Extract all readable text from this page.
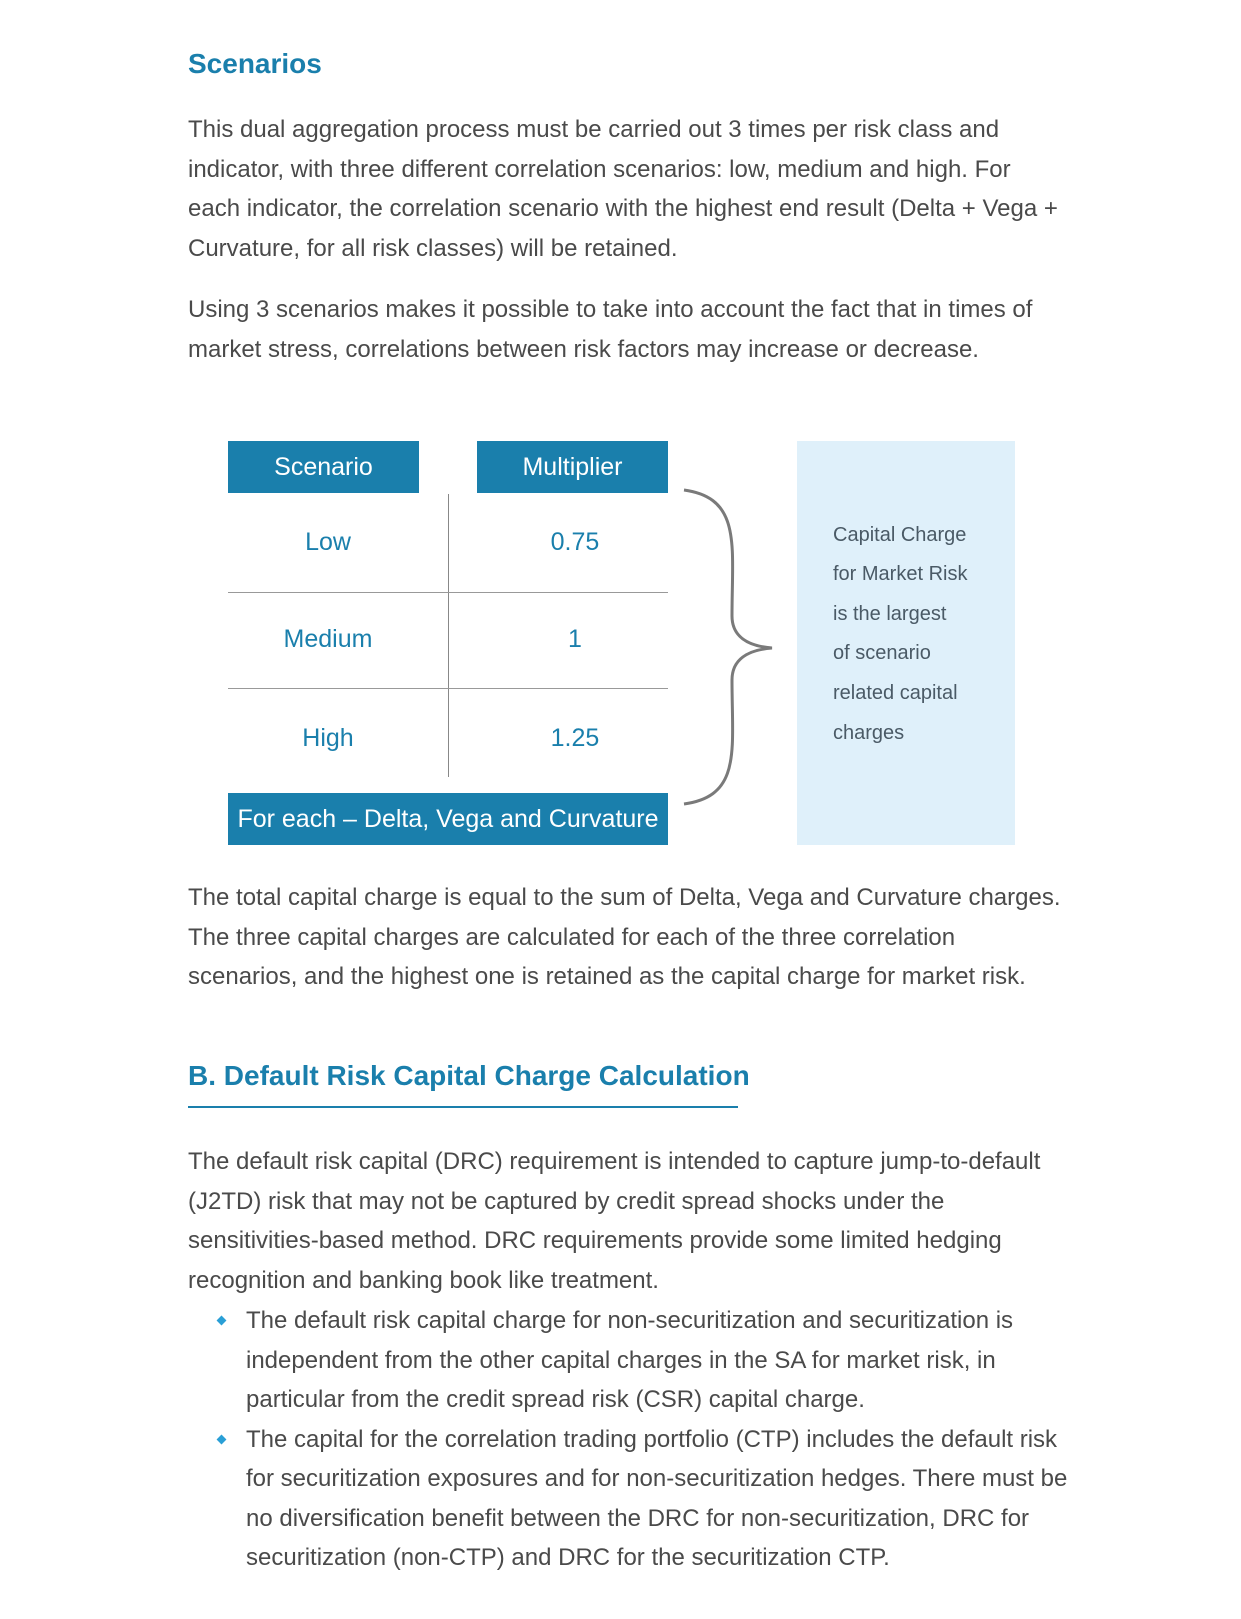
Scenarios

This dual aggregation process must be carried out 3 times per risk class and indicator, with three different correlation scenarios: low, medium and high. For each indicator, the correlation scenario with the highest end result (Delta + Vega + Curvature, for all risk classes) will be retained.

Using 3 scenarios makes it possible to take into account the fact that in times of market stress, correlations between risk factors may increase or decrease.

Scenario	Multiplier
Low	0.75
Medium	1
High	1.25
For each – Delta, Vega and Curvature
Capital Charge
for Market Risk
is the largest
of scenario
related capital
charges

The total capital charge is equal to the sum of Delta, Vega and Curvature charges. The three capital charges are calculated for each of the three correlation scenarios, and the highest one is retained as the capital charge for market risk.

B. Default Risk Capital Charge Calculation

The default risk capital (DRC) requirement is intended to capture jump-to-default (J2TD) risk that may not be captured by credit spread shocks under the sensitivities-based method. DRC requirements provide some limited hedging recognition and banking book like treatment.

The default risk capital charge for non-securitization and securitization is independent from the other capital charges in the SA for market risk, in particular from the credit spread risk (CSR) capital charge.
The capital for the correlation trading portfolio (CTP) includes the default risk for securitization exposures and for non-securitization hedges. There must be no diversification benefit between the DRC for non-securitization, DRC for securitization (non-CTP) and DRC for the securitization CTP.
